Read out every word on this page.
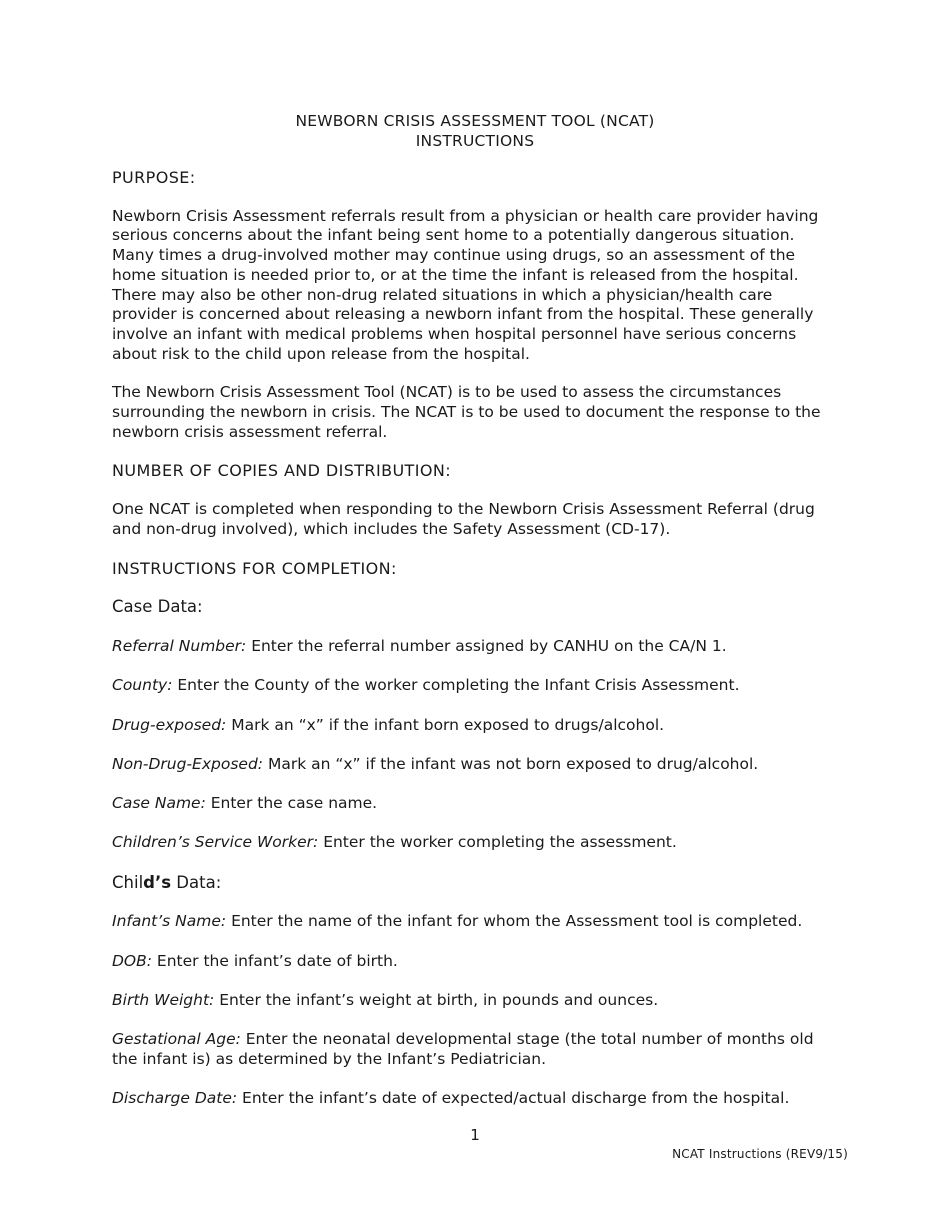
NEWBORN CRISIS ASSESSMENT TOOL (NCAT)
INSTRUCTIONS
PURPOSE:

Newborn Crisis Assessment referrals result from a physician or health care provider having serious concerns about the infant being sent home to a potentially dangerous situation. Many times a drug-involved mother may continue using drugs, so an assessment of the home situation is needed prior to, or at the time the infant is released from the hospital. There may also be other non-drug related situations in which a physician/health care provider is concerned about releasing a newborn infant from the hospital. These generally involve an infant with medical problems when hospital personnel have serious concerns about risk to the child upon release from the hospital.

The Newborn Crisis Assessment Tool (NCAT) is to be used to assess the circumstances surrounding the newborn in crisis. The NCAT is to be used to document the response to the newborn crisis assessment referral.

NUMBER OF COPIES AND DISTRIBUTION:

One NCAT is completed when responding to the Newborn Crisis Assessment Referral (drug and non-drug involved), which includes the Safety Assessment (CD-17).

INSTRUCTIONS FOR COMPLETION:
Case Data:

Referral Number: Enter the referral number assigned by CANHU on the CA/N 1.

County: Enter the County of the worker completing the Infant Crisis Assessment.

Drug-exposed: Mark an “x” if the infant born exposed to drugs/alcohol.

Non-Drug-Exposed: Mark an “x” if the infant was not born exposed to drug/alcohol.

Case Name: Enter the case name.

Children’s Service Worker: Enter the worker completing the assessment.

Child’s Data:

Infant’s Name: Enter the name of the infant for whom the Assessment tool is completed.

DOB: Enter the infant’s date of birth.

Birth Weight: Enter the infant’s weight at birth, in pounds and ounces.

Gestational Age: Enter the neonatal developmental stage (the total number of months old the infant is) as determined by the Infant’s Pediatrician.

Discharge Date: Enter the infant’s date of expected/actual discharge from the hospital.

1
NCAT Instructions (REV9/15)
